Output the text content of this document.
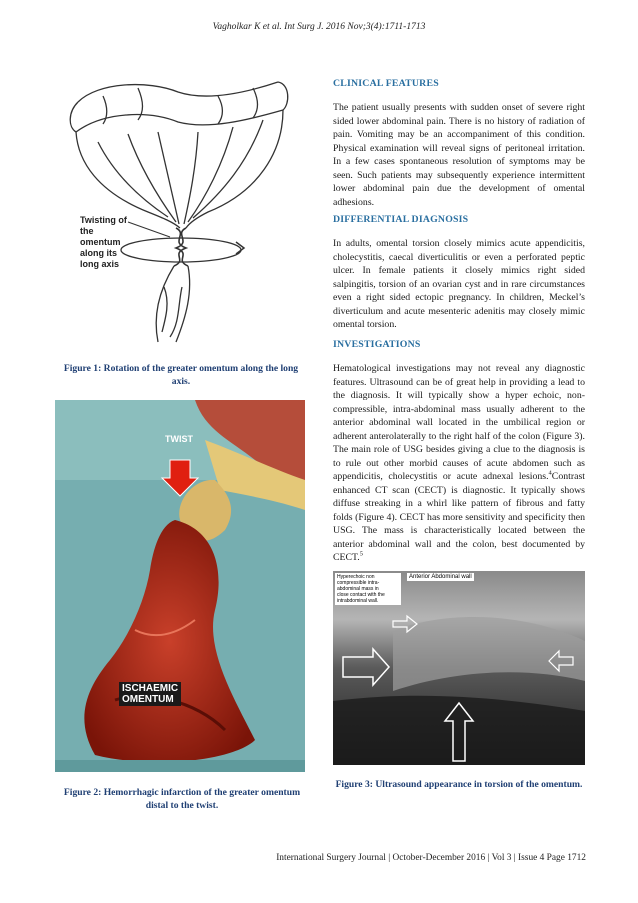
Vagholkar K et al. Int Surg J. 2016 Nov;3(4):1711-1713
Twisting of
the
omentum
along its
long axis
Figure 1: Rotation of the greater omentum along the long axis.
TWIST
ISCHAEMIC
OMENTUM
Figure 2: Hemorrhagic infarction of the greater omentum distal to the twist.
CLINICAL FEATURES
The patient usually presents with sudden onset of severe right sided lower abdominal pain. There is no history of radiation of pain. Vomiting may be an accompaniment of this condition. Physical examination will reveal signs of peritoneal irritation. In a few cases spontaneous resolution of symptoms may be seen. Such patients may subsequently experience intermittent lower abdominal pain due the development of omental adhesions.
DIFFERENTIAL DIAGNOSIS
In adults, omental torsion closely mimics acute appendicitis, cholecystitis, caecal diverticulitis or even a perforated peptic ulcer. In female patients it closely mimics right sided salpingitis, torsion of an ovarian cyst and in rare circumstances even a right sided ectopic pregnancy. In children, Meckel’s diverticulum and acute mesenteric adenitis may closely mimic omental torsion.
INVESTIGATIONS
Hematological investigations may not reveal any diagnostic features. Ultrasound can be of great help in providing a lead to the diagnosis. It will typically show a hyper echoic, non-compressible, intra-abdominal mass usually adherent to the anterior abdominal wall located in the umbilical region or adherent anterolaterally to the right half of the colon (Figure 3). The main role of USG besides giving a clue to the diagnosis is to rule out other morbid causes of acute abdomen such as appendicitis, cholecystitis or acute adnexal lesions.$^4$Contrast enhanced CT scan (CECT) is diagnostic. It typically shows diffuse streaking in a whirl like pattern of fibrous and fatty folds (Figure 4). CECT has more sensitivity and specificity then USG. The mass is characteristically located between the anterior abdominal wall and the colon, best documented by CECT.$^5$
Hyperechoic non
compressible intra-
abdominal mass in
close contact with the
intrabdominal wall.
Anterior Abdominal wall
Figure 3: Ultrasound appearance in torsion of the omentum.
International Surgery Journal | October-December 2016 | Vol 3 | Issue 4 Page 1712
